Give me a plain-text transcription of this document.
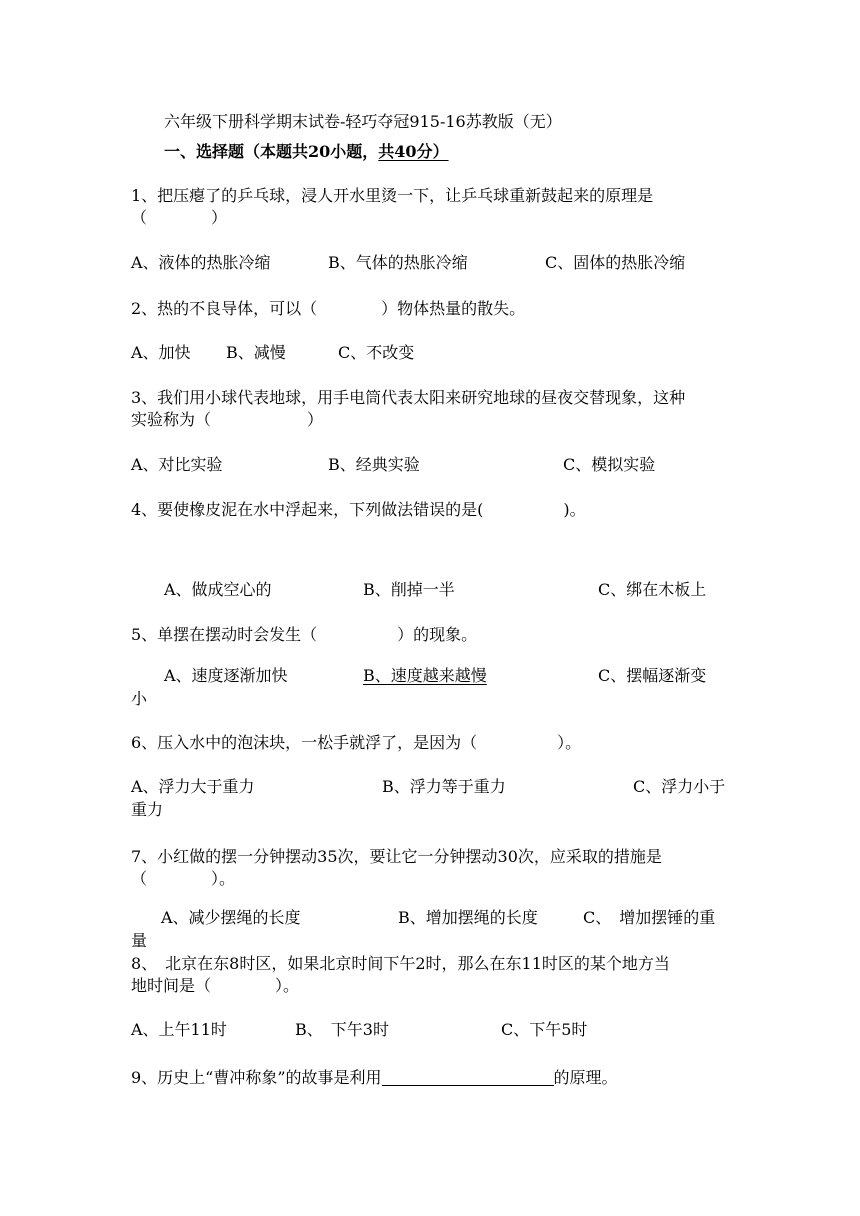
六年级下册科学期末试卷-轻巧夺冠915-16苏教版（无）
一、选择题（本题共20小题，共40分）
1、把压瘪了的乒乓球，浸人开水里烫一下，让乒乓球重新鼓起来的原理是
（　　　　）
A、液体的热胀冷缩	B、气体的热胀冷缩	C、固体的热胀冷缩
2、热的不良导体，可以（　　　　）物体热量的散失。
A、加快 B、减慢	C、不改变
3、我们用小球代表地球，用手电筒代表太阳来研究地球的昼夜交替现象，这种
实验称为（　　　　　　）
A、对比实验	B、经典实验	C、模拟实验
4、要使橡皮泥在水中浮起来，下列做法错误的是(　　　　　)。
A、做成空心的	B、削掉一半	C、绑在木板上
5、单摆在摆动时会发生（　　　　　）的现象。
A、速度逐渐加快	B、速度越来越慢	C、摆幅逐渐变
小
6、压入水中的泡沫块，一松手就浮了，是因为（　　　　　）。
A、浮力大于重力	B、浮力等于重力	C、浮力小于
重力
7、小红做的摆一分钟摆动35次，要让它一分钟摆动30次，应采取的措施是
（　　　　）。
A、减少摆绳的长度	B、增加摆绳的长度	C、　增加摆锤的重
量
8、　北京在东8时区，如果北京时间下午2时，那么在东11时区的某个地方当
地时间是（　　　　）。
A、上午11时	B、　下午3时	C、下午5时
9、历史上“曹冲称象”的故事是利用	的原理。
